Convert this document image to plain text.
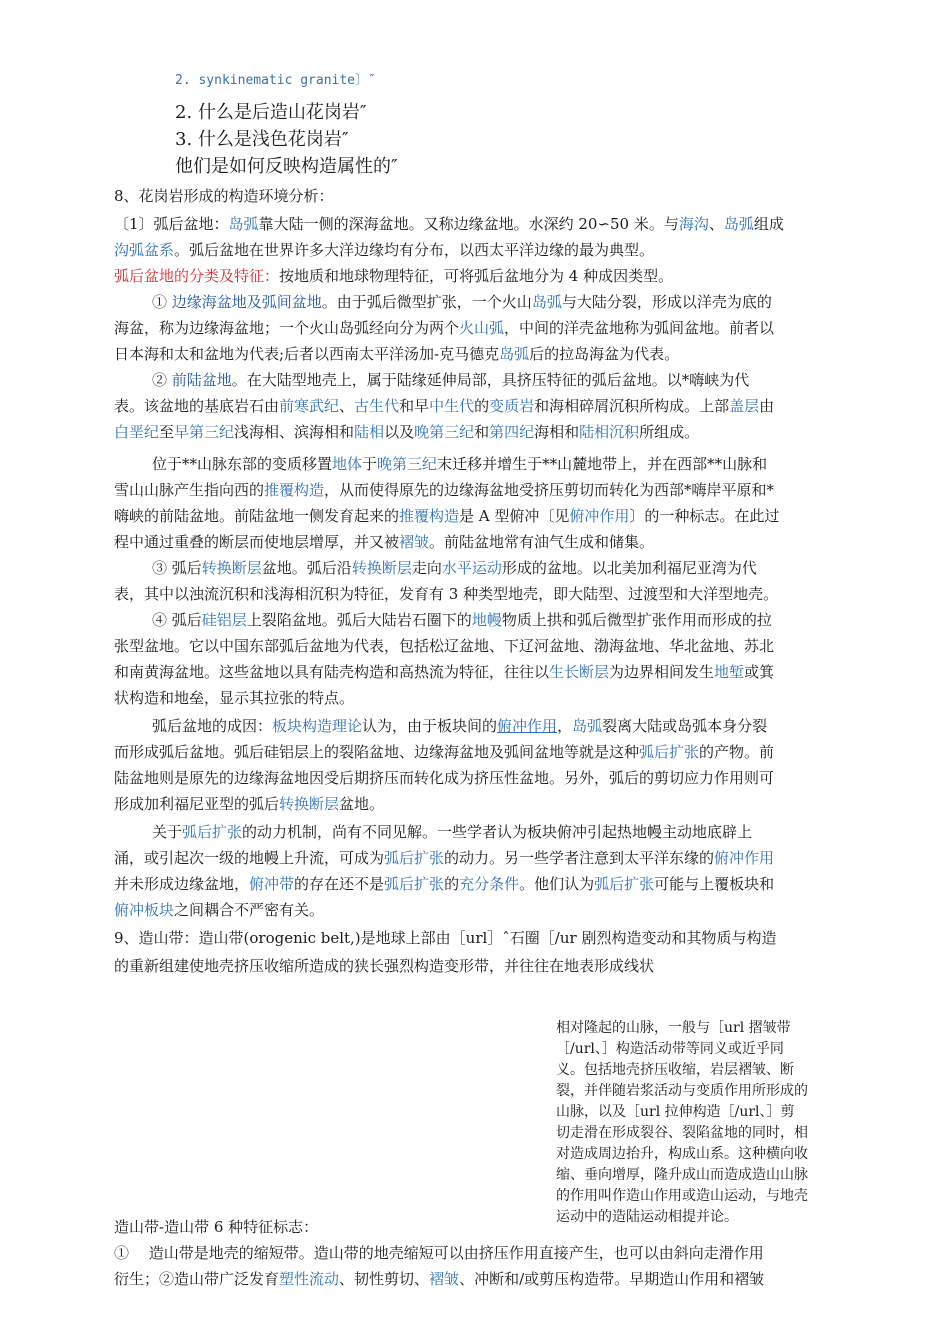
2. synkinematic granite〕″
2. 什么是后造山花岗岩″
3. 什么是浅色花岗岩″
他们是如何反映构造属性的″
8、花岗岩形成的构造环境分析：
〔1〕弧后盆地：岛弧靠大陆一侧的深海盆地。又称边缘盆地。水深约 20∽50 米。与海沟、岛弧组成
沟弧盆系。弧后盆地在世界许多大洋边缘均有分布，以西太平洋边缘的最为典型。
弧后盆地的分类及特征：按地质和地球物理特征，可将弧后盆地分为 4 种成因类型。
① 边缘海盆地及弧间盆地。由于弧后微型扩张，一个火山岛弧与大陆分裂，形成以洋壳为底的
海盆，称为边缘海盆地；一个火山岛弧经向分为两个火山弧，中间的洋壳盆地称为弧间盆地。前者以
日本海和太和盆地为代表;后者以西南太平洋汤加-克马德克岛弧后的拉岛海盆为代表。
② 前陆盆地。在大陆型地壳上，属于陆缘延伸局部，具挤压特征的弧后盆地。以*嗨峡为代
表。该盆地的基底岩石由前寒武纪、古生代和早中生代的变质岩和海相碎屑沉积所构成。上部盖层由
白垩纪至早第三纪浅海相、滨海相和陆相以及晚第三纪和第四纪海相和陆相沉积所组成。
位于**山脉东部的变质移置地体于晚第三纪末迁移并增生于**山麓地带上，并在西部**山脉和
雪山山脉产生指向西的推覆构造，从而使得原先的边缘海盆地受挤压剪切而转化为西部*嗨岸平原和*
嗨峡的前陆盆地。前陆盆地一侧发育起来的推覆构造是 A 型俯冲〔见俯冲作用〕的一种标志。在此过
程中通过重叠的断层而使地层增厚，并又被褶皱。前陆盆地常有油气生成和储集。
③ 弧后转换断层盆地。弧后沿转换断层走向水平运动形成的盆地。以北美加利福尼亚湾为代
表，其中以浊流沉积和浅海相沉积为特征，发育有 3 种类型地壳，即大陆型、过渡型和大洋型地壳。
④ 弧后硅铝层上裂陷盆地。弧后大陆岩石圈下的地幔物质上拱和弧后微型扩张作用而形成的拉
张型盆地。它以中国东部弧后盆地为代表，包括松辽盆地、下辽河盆地、渤海盆地、华北盆地、苏北
和南黄海盆地。这些盆地以具有陆壳构造和高热流为特征，往往以生长断层为边界相间发生地堑或箕
状构造和地垒，显示其拉张的特点。
弧后盆地的成因：板块构造理论认为，由于板块间的俯冲作用，岛弧裂离大陆或岛弧本身分裂
而形成弧后盆地。弧后硅铝层上的裂陷盆地、边缘海盆地及弧间盆地等就是这种弧后扩张的产物。前
陆盆地则是原先的边缘海盆地因受后期挤压而转化成为挤压性盆地。另外，弧后的剪切应力作用则可
形成加利福尼亚型的弧后转换断层盆地。
关于弧后扩张的动力机制，尚有不同见解。一些学者认为板块俯冲引起热地幔主动地底辟上
涌，或引起次一级的地幔上升流，可成为弧后扩张的动力。另一些学者注意到太平洋东缘的俯冲作用
并未形成边缘盆地，俯冲带的存在还不是弧后扩张的充分条件。他们认为弧后扩张可能与上覆板块和
俯冲板块之间耦合不严密有关。
9、造山带：造山带(orogenic belt,)是地球上部由［url］ˆ石圈［/ur 剧烈构造变动和其物质与构造
的重新组建使地壳挤压收缩所造成的狭长强烈构造变形带，并往往在地表形成线状
相对隆起的山脉，一般与［url 摺皱带
［/url、］构造活动带等同义或近乎同
义。包括地壳挤压收缩，岩层褶皱、断
裂，并伴随岩浆活动与变质作用所形成的
山脉，以及［url 拉伸构造［/url、］剪
切走滑在形成裂谷、裂陷盆地的同时，相
对造成周边抬升，构成山系。这种横向收
缩、垂向增厚，隆升成山而造成造山山脉
的作用叫作造山作用或造山运动，与地壳
运动中的造陆运动相提并论。
造山带-造山带 6 种特征标志：
①　 造山带是地壳的缩短带。造山带的地壳缩短可以由挤压作用直接产生，也可以由斜向走滑作用
衍生；②造山带广泛发育塑性流动、韧性剪切、褶皱、冲断和/或剪压构造带。早期造山作用和褶皱
